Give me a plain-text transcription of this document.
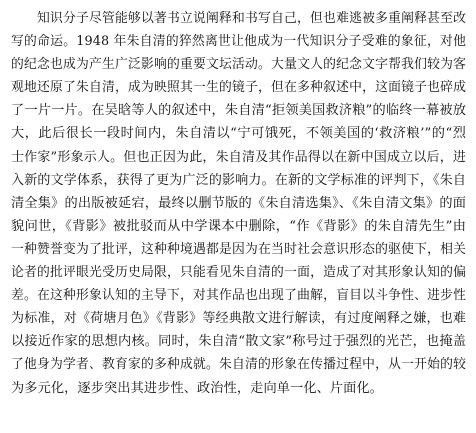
知识分子尽管能够以著书立说阐释和书写自己，但也难逃被多重阐释甚至改
写的命运。1948 年朱自清的猝然离世让他成为一代知识分子受难的象征，对他
的纪念也成为产生广泛影响的重要文坛活动。大量文人的纪念文字帮我们较为客
观地还原了朱自清，成为映照其一生的镜子，但在多种叙述中，这面镜子也碎成
了一片一片。在吴晗等人的叙述中，朱自清“拒领美国救济粮”的临终一幕被放
大，此后很长一段时间内，朱自清以“宁可饿死，不领美国的‘救济粮’”的“烈
士作家”形象示人。但也正因为此，朱自清及其作品得以在新中国成立以后，进
入新的文学体系，获得了更为广泛的影响力。在新的文学标准的评判下，《朱自
清全集》的出版被延宕，最终以删节版的《朱自清选集》、《朱自清文集》的面
貌问世，《背影》被批驳而从中学课本中删除，“作《背影》的朱自清先生”由
一种赞誉变为了批评，这种种境遇都是因为在当时社会意识形态的驱使下，相关
论者的批评眼光受历史局限，只能看见朱自清的一面，造成了对其形象认知的偏
差。在这种形象认知的主导下，对其作品也出现了曲解，盲目以斗争性、进步性
为标准，对《荷塘月色》《背影》等经典散文进行解读，有过度阐释之嫌，也难
以接近作家的思想内核。同时，朱自清“散文家”称号过于强烈的光芒，也掩盖
了他身为学者、教育家的多种成就。朱自清的形象在传播过程中，从一开始的较
为多元化，逐步突出其进步性、政治性，走向单一化、片面化。
